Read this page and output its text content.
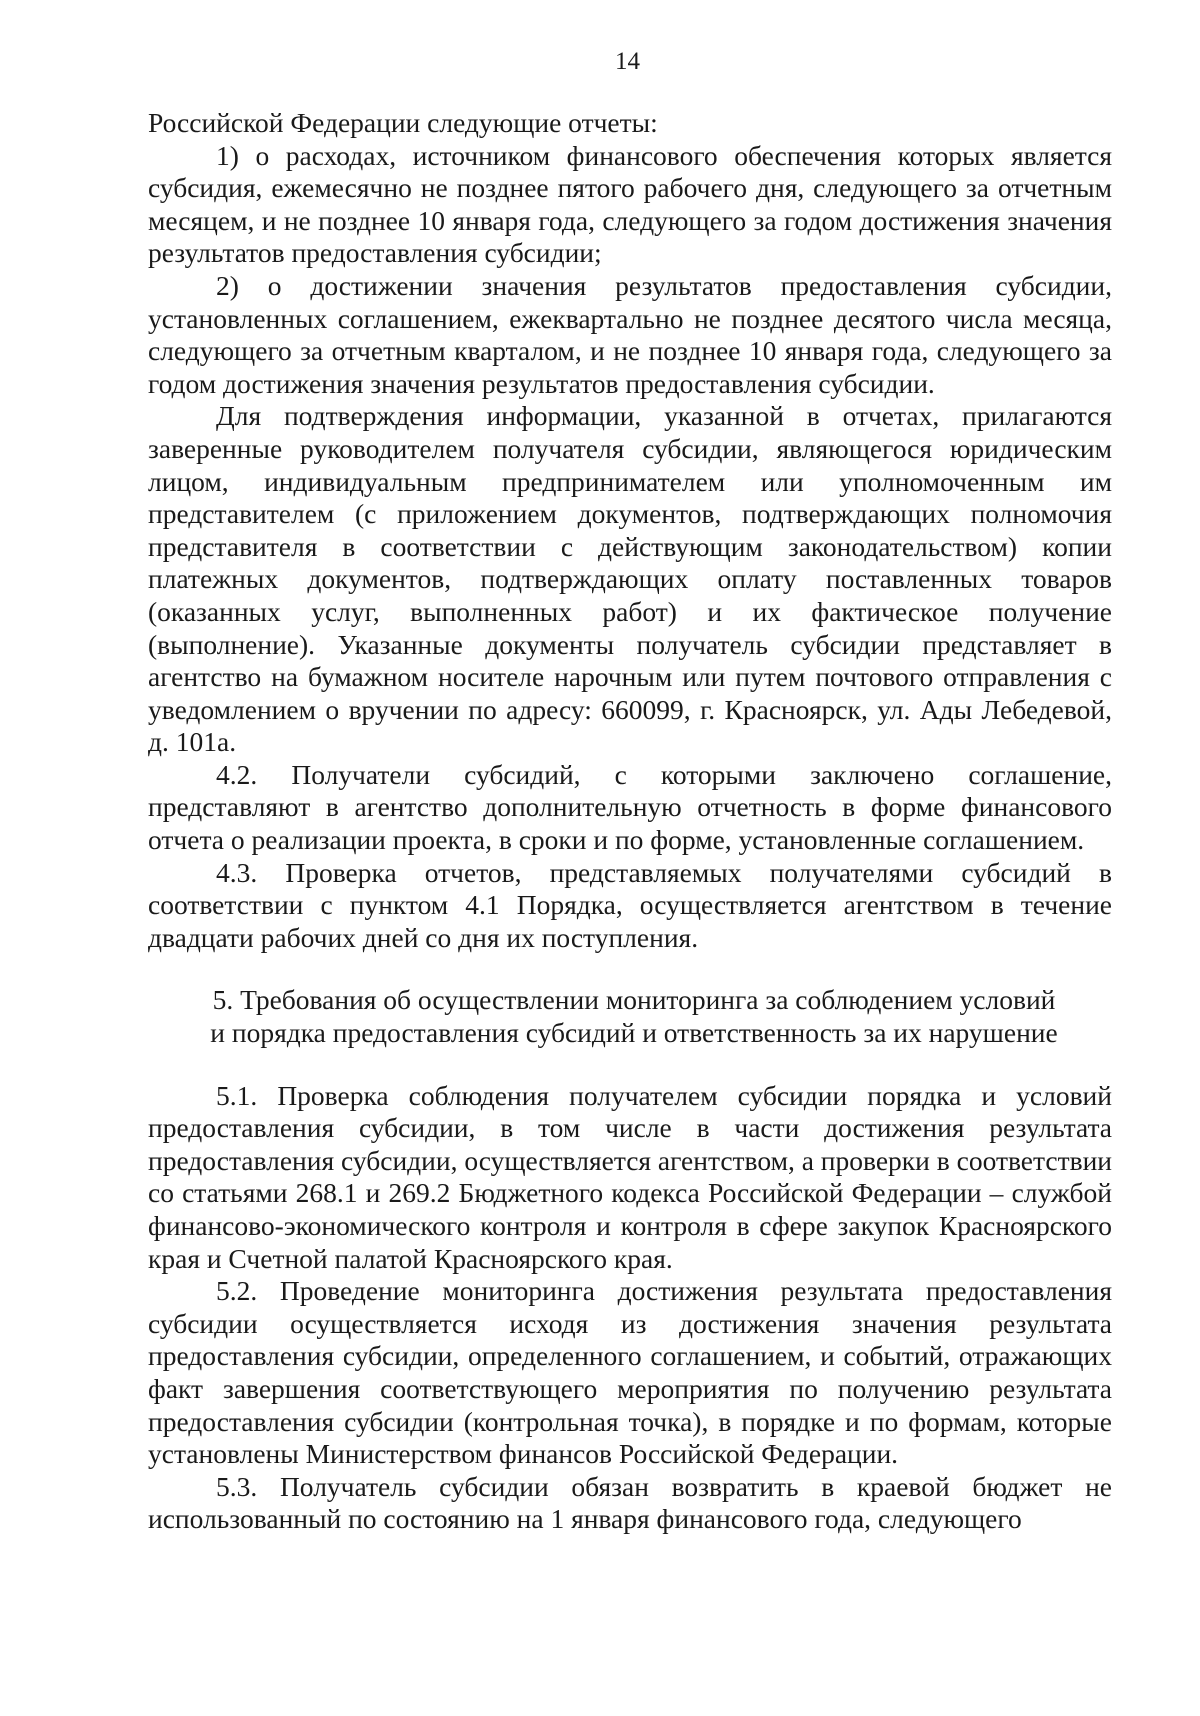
14

Российской Федерации следующие отчеты:

1) о расходах, источником финансового обеспечения которых является субсидия, ежемесячно не позднее пятого рабочего дня, следующего за отчетным месяцем, и не позднее 10 января года, следующего за годом достижения значения результатов предоставления субсидии;

2) о достижении значения результатов предоставления субсидии, установленных соглашением, ежеквартально не позднее десятого числа месяца, следующего за отчетным кварталом, и не позднее 10 января года, следующего за годом достижения значения результатов предоставления субсидии.

Для подтверждения информации, указанной в отчетах, прилагаются заверенные руководителем получателя субсидии, являющегося юридическим лицом, индивидуальным предпринимателем или уполномоченным им представителем (с приложением документов, подтверждающих полномочия представителя в соответствии с действующим законодательством) копии платежных документов, подтверждающих оплату поставленных товаров (оказанных услуг, выполненных работ) и их фактическое получение (выполнение). Указанные документы получатель субсидии представляет в агентство на бумажном носителе нарочным или путем почтового отправления с уведомлением о вручении по адресу: 660099, г. Красноярск, ул. Ады Лебедевой, д. 101а.

4.2. Получатели субсидий, с которыми заключено соглашение, представляют в агентство дополнительную отчетность в форме финансового отчета о реализации проекта, в сроки и по форме, установленные соглашением.

4.3. Проверка отчетов, представляемых получателями субсидий в соответствии с пунктом 4.1 Порядка, осуществляется агентством в течение двадцати рабочих дней со дня их поступления.

5. Требования об осуществлении мониторинга за соблюдением условий
и порядка предоставления субсидий и ответственность за их нарушение

5.1. Проверка соблюдения получателем субсидии порядка и условий предоставления субсидии, в том числе в части достижения результата предоставления субсидии, осуществляется агентством, а проверки в соответствии со статьями 268.1 и 269.2 Бюджетного кодекса Российской Федерации – службой финансово-экономического контроля и контроля в сфере закупок Красноярского края и Счетной палатой Красноярского края.

5.2. Проведение мониторинга достижения результата предоставления субсидии осуществляется исходя из достижения значения результата предоставления субсидии, определенного соглашением, и событий, отражающих факт завершения соответствующего мероприятия по получению результата предоставления субсидии (контрольная точка), в порядке и по формам, которые установлены Министерством финансов Российской Федерации.

5.3. Получатель субсидии обязан возвратить в краевой бюджет не использованный по состоянию на 1 января финансового года, следующего
